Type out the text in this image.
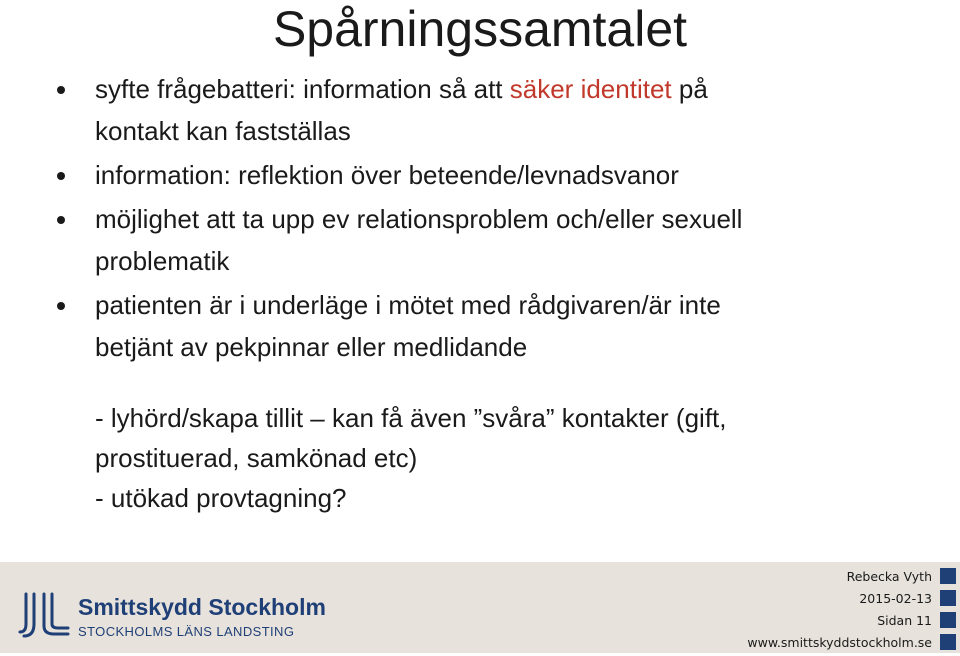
Spårningssamtalet
syfte frågebatteri: information så att säker identitet på
kontakt kan fastställas
information: reflektion över beteende/levnadsvanor
möjlighet att ta upp ev relationsproblem och/eller sexuell
problematik
patienten är i underläge i mötet med rådgivaren/är inte
betjänt av pekpinnar eller medlidande

- lyhörd/skapa tillit – kan få även ”svåra” kontakter (gift,

prostituerad, samkönad etc)

- utökad provtagning?

Smittskydd Stockholm
STOCKHOLMS LÄNS LANDSTING
Rebecka Vyth
2015-02-13
Sidan 11
www.smittskyddstockholm.se
